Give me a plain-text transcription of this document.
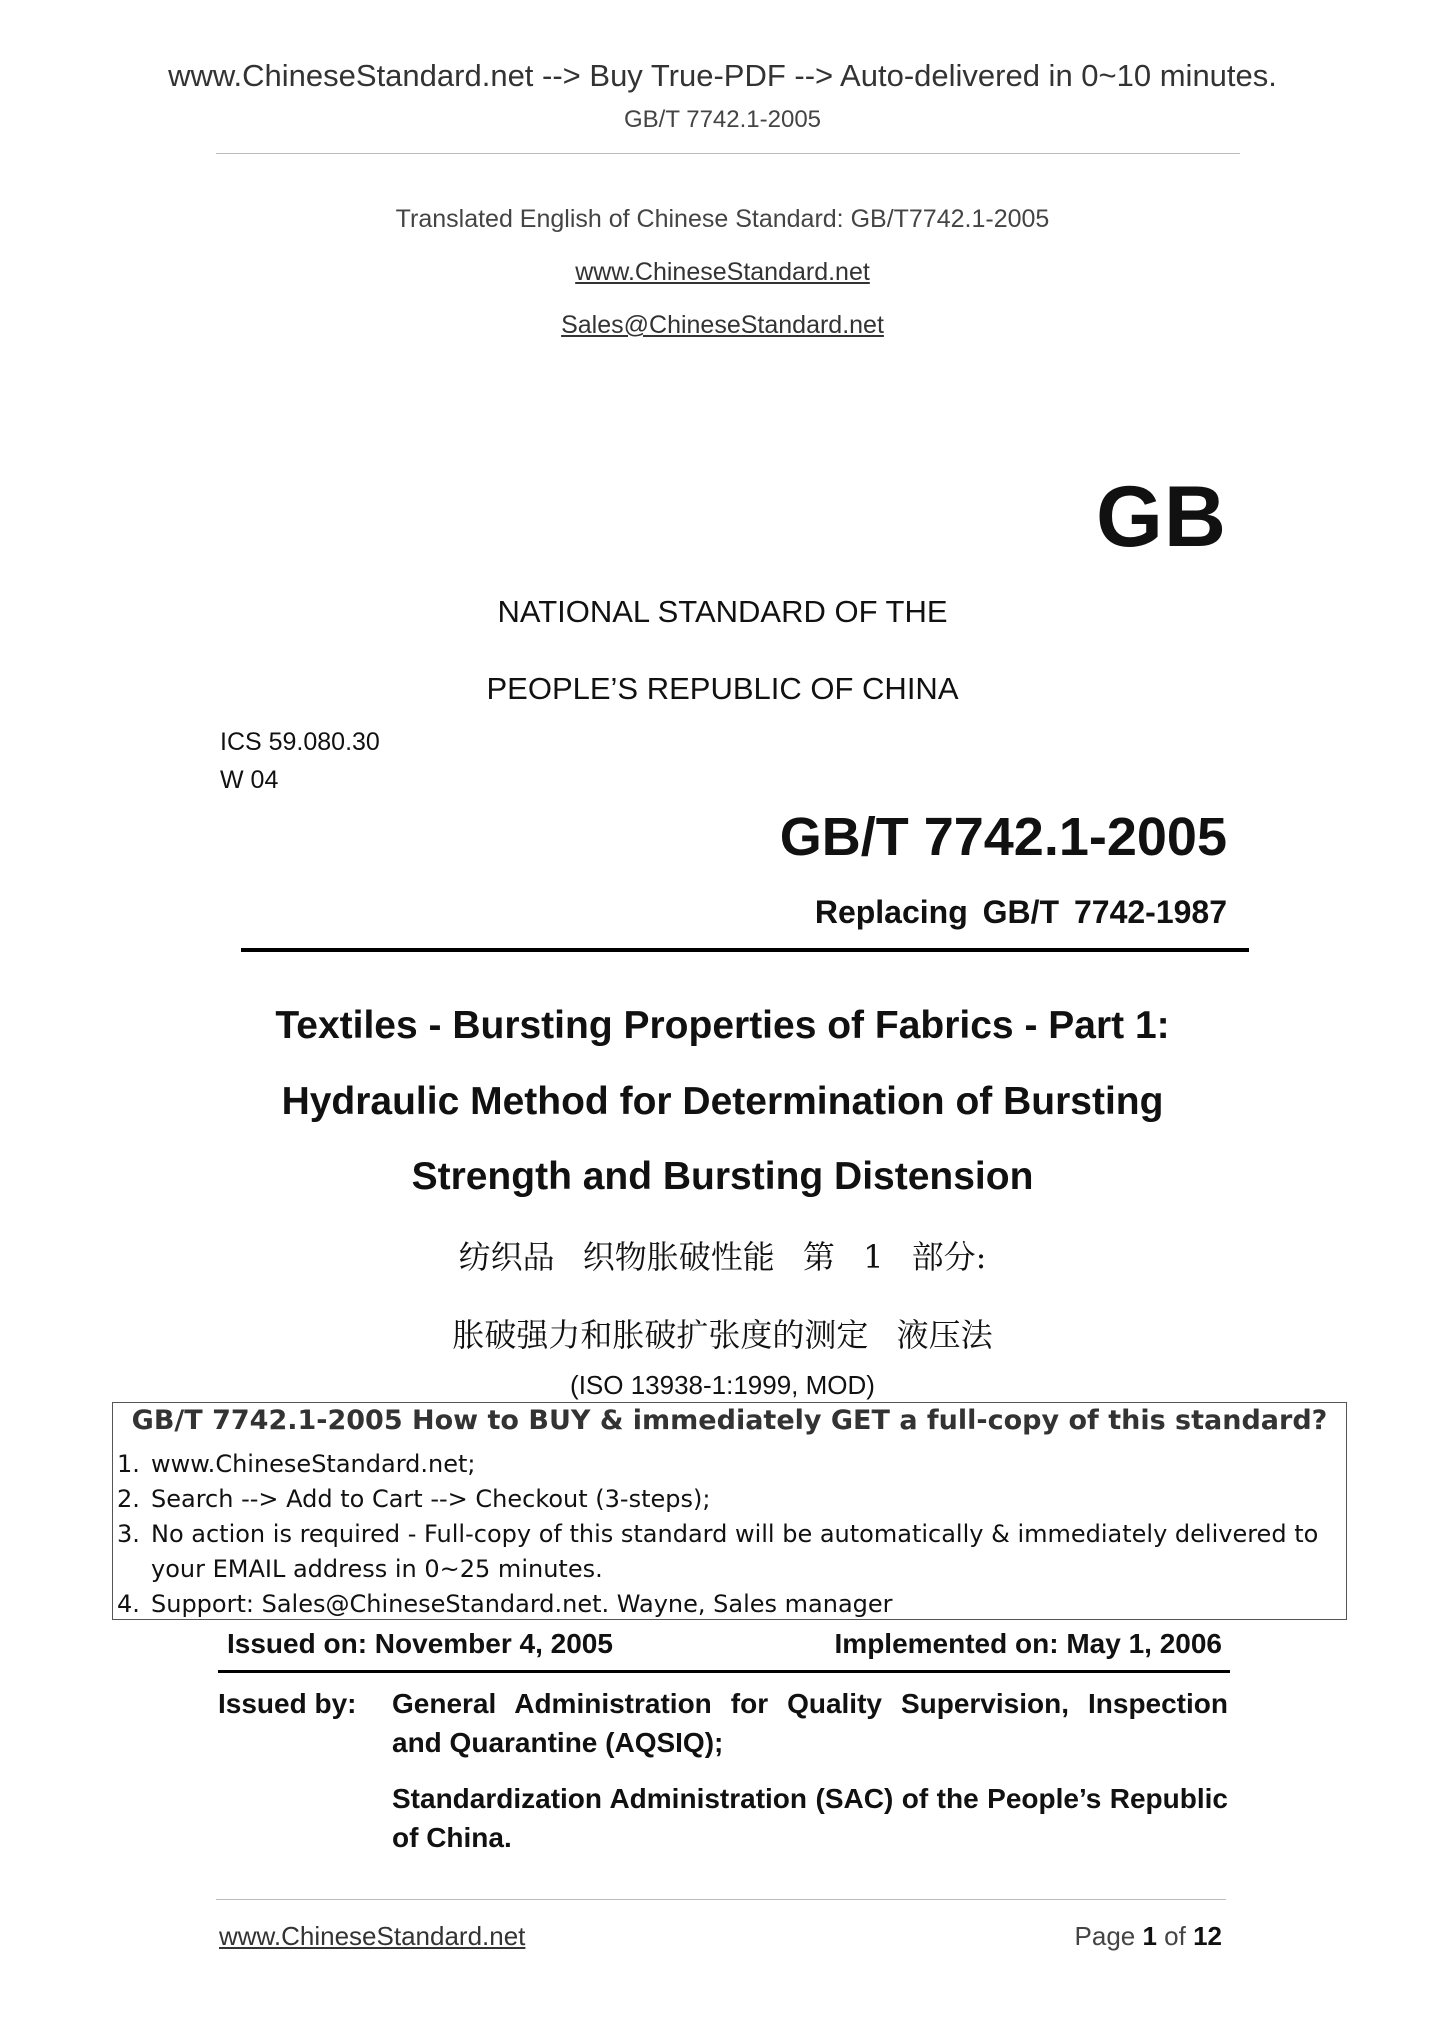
www.ChineseStandard.net --> Buy True-PDF --> Auto-delivered in 0~10 minutes.
GB/T 7742.1-2005
Translated English of Chinese Standard: GB/T7742.1-2005
www.ChineseStandard.net
Sales@ChineseStandard.net
GB
NATIONAL STANDARD OF THE
PEOPLE’S REPUBLIC OF CHINA
ICS 59.080.30
W 04
GB/T 7742.1-2005
Replacing GB/T 7742-1987
Textiles - Bursting Properties of Fabrics - Part 1:
Hydraulic Method for Determination of Bursting
Strength and Bursting Distension
纺织品 织物胀破性能 第 1 部分:
胀破强力和胀破扩张度的测定 液压法
(ISO 13938-1:1999, MOD)
GB/T 7742.1-2005 How to BUY & immediately GET a full-copy of this standard?
1. www.ChineseStandard.net;
2. Search --> Add to Cart --> Checkout (3-steps);
3. No action is required - Full-copy of this standard will be automatically & immediately delivered to your EMAIL address in 0~25 minutes.
4. Support: Sales@ChineseStandard.net. Wayne, Sales manager
Issued on: November 4, 2005	Implemented on: May 1, 2006
Issued by: General Administration for Quality Supervision, Inspection and Quarantine (AQSIQ);
Standardization Administration (SAC) of the People’s Republic of China.
www.ChineseStandard.net	Page 1 of 12
